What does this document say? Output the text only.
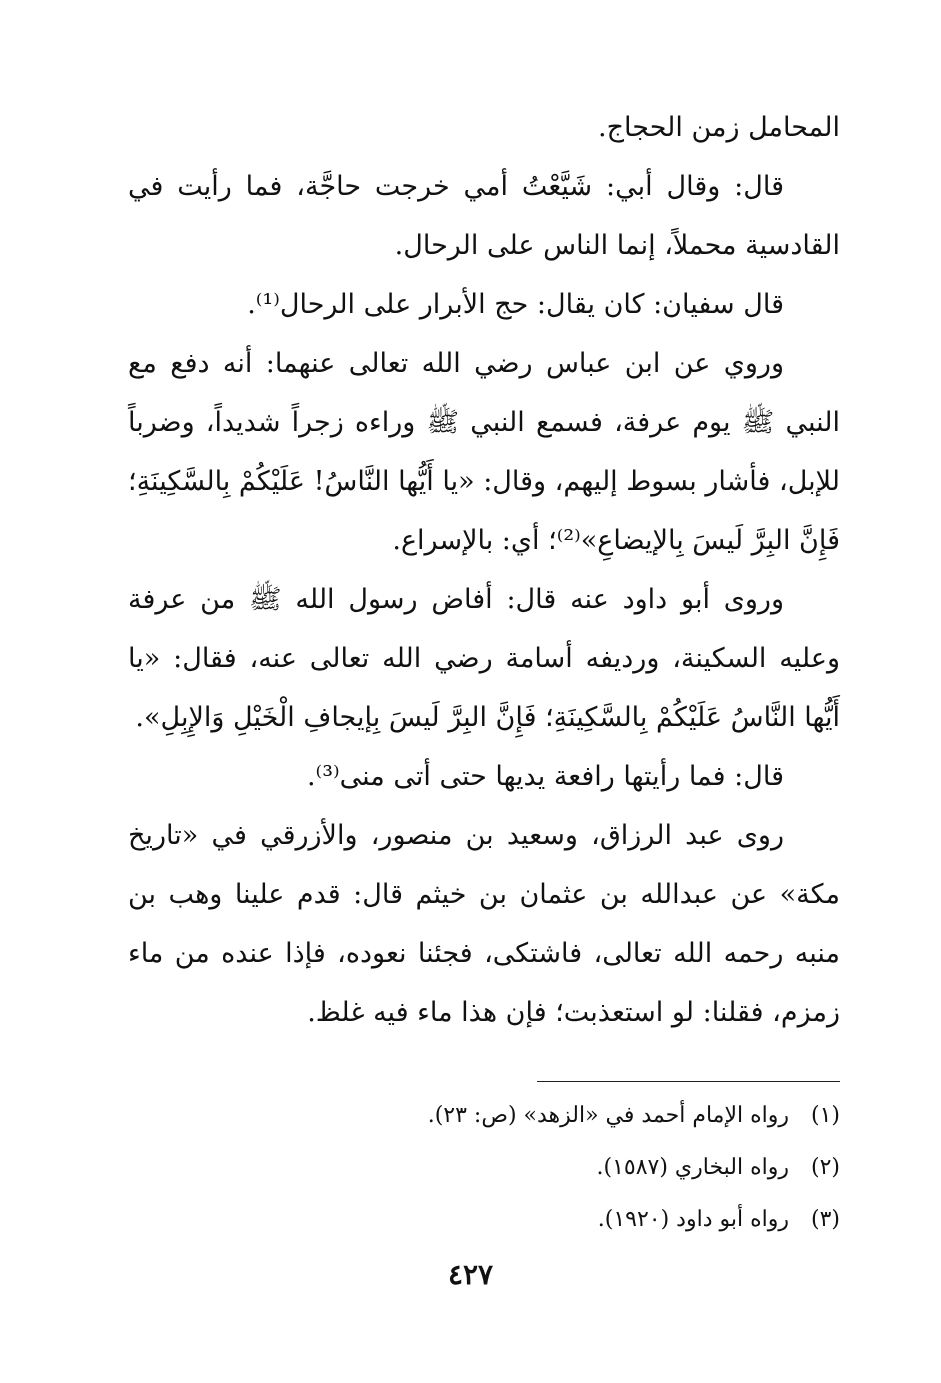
المحامل زمن الحجاج.

قال: وقال أبي: شَيَّعْتُ أمي خرجت حاجَّة، فما رأيت في القادسية محملاً، إنما الناس على الرحال.

قال سفيان: كان يقال: حج الأبرار على الرحال⁽¹⁾.

وروي عن ابن عباس رضي الله تعالى عنهما: أنه دفع مع النبي ﷺ يوم عرفة، فسمع النبي ﷺ وراءه زجراً شديداً، وضرباً للإبل، فأشار بسوط إليهم، وقال: «يا أَيُّها النَّاسُ! عَلَيْكُمْ بِالسَّكِينَةِ؛ فَإِنَّ البِرَّ لَيسَ بِالإيضاعِ»⁽²⁾؛ أي: بالإسراع.

وروى أبو داود عنه قال: أفاض رسول الله ﷺ من عرفة وعليه السكينة، ورديفه أسامة رضي الله تعالى عنه، فقال: «يا أَيُّها النَّاسُ عَلَيْكُمْ بِالسَّكِينَةِ؛ فَإِنَّ البِرَّ لَيسَ بِإيجافِ الْخَيْلِ وَالإِبِلِ».

قال: فما رأيتها رافعة يديها حتى أتى منى⁽³⁾.

روى عبد الرزاق، وسعيد بن منصور، والأزرقي في «تاريخ مكة» عن عبدالله بن عثمان بن خيثم قال: قدم علينا وهب بن منبه رحمه الله تعالى، فاشتكى، فجئنا نعوده، فإذا عنده من ماء زمزم، فقلنا: لو استعذبت؛ فإن هذا ماء فيه غلظ.

(١) رواه الإمام أحمد في «الزهد» (ص: ٢٣).
(٢) رواه البخاري (١٥٨٧).
(٣) رواه أبو داود (١٩٢٠).
٤٢٧
